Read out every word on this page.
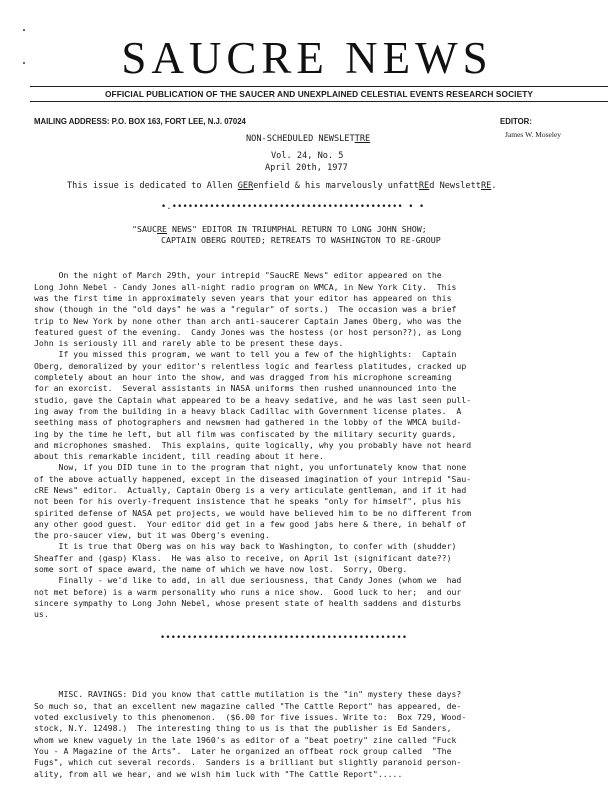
SAUCRE NEWS
OFFICIAL PUBLICATION OF THE SAUCER AND UNEXPLAINED CELESTIAL EVENTS RESEARCH SOCIETY
MAILING ADDRESS: P.O. BOX 163, FORT LEE, N.J. 07024	EDITOR:
James W. Moseley
NON-SCHEDULED NEWSLETTRE
Vol. 24, No. 5
April 20th, 1977
This issue is dedicated to Allen GERenfield & his marvelously unfattREd NewslettRE.
•.••••••••••••••••••••••••••••••••••••••••••• • •
"SAUCRE NEWS" EDITOR IN TRIUMPHAL RETURN TO LONG JOHN SHOW;
CAPTAIN OBERG ROUTED; RETREATS TO WASHINGTON TO RE-GROUP

On the night of March 29th, your intrepid "SaucRE News" editor appeared on the
Long John Nebel - Candy Jones all-night radio program on WMCA, in New York City.  This
was the first time in approximately seven years that your editor has appeared on this
show (though in the "old days" he was a "regular" of sorts.)  The occasion was a brief
trip to New York by none other than arch anti-saucerer Captain James Oberg, who was the
featured guest of the evening.  Candy Jones was the hostess (or host person??), as Long
John is seriously ill and rarely able to be present these days.

If you missed this program, we want to tell you a few of the highlights:  Captain
Oberg, demoralized by your editor's relentless logic and fearless platitudes, cracked up
completely about an hour into the show, and was dragged from his microphone screaming
for an exorcist.  Several assistants in NASA uniforms then rushed unannounced into the
studio, gave the Captain what appeared to be a heavy sedative, and he was last seen pull-
ing away from the building in a heavy black Cadillac with Government license plates.  A
seething mass of photographers and newsmen had gathered in the lobby of the WMCA build-
ing by the time he left, but all film was confiscated by the military security guards,
and microphones smashed.  This explains, quite logically, why you probably have not heard
about this remarkable incident, till reading about it here.

Now, if you DID tune in to the program that night, you unfortunately know that none
of the above actually happened, except in the diseased imagination of your intrepid "Sau-
cRE News" editor.  Actually, Captain Oberg is a very articulate gentleman, and if it had
not been for his overly-frequent insistence that he speaks "only for himself", plus his
spirited defense of NASA pet projects, we would have believed him to be no different from
any other good guest.  Your editor did get in a few good jabs here & there, in behalf of
the pro-saucer view, but it was Oberg's evening.

It is true that Oberg was on his way back to Washington, to confer with (shudder)
Sheaffer and (gasp) Klass.  He was also to receive, on April 1st (significant date??)
some sort of space award, the name of which we have now lost.  Sorry, Oberg.

Finally - we'd like to add, in all due seriousness, that Candy Jones (whom we  had
not met before) is a warm personality who runs a nice show.  Good luck to her;  and our
sincere sympathy to Long John Nebel, whose present state of health saddens and disturbs
us.

••••••••••••••••••••••••••••••••••••••••••••••

MISC. RAVINGS: Did you know that cattle mutilation is the "in" mystery these days?
So much so, that an excellent new magazine called "The Cattle Report" has appeared, de-
voted exclusively to this phenomenon.  ($6.00 for five issues. Write to:  Box 729, Wood-
stock, N.Y. 12498.)  The interesting thing to us is that the publisher is Ed Sanders,
whom we knew vaguely in the late 1960's as editor of a "beat poetry" zine called "Fuck
You - A Magazine of the Arts".  Later he organized an offbeat rock group called  "The
Fugs", which cut several records.  Sanders is a brilliant but slightly paranoid person-
ality, from all we hear, and we wish him luck with "The Cattle Report".....
